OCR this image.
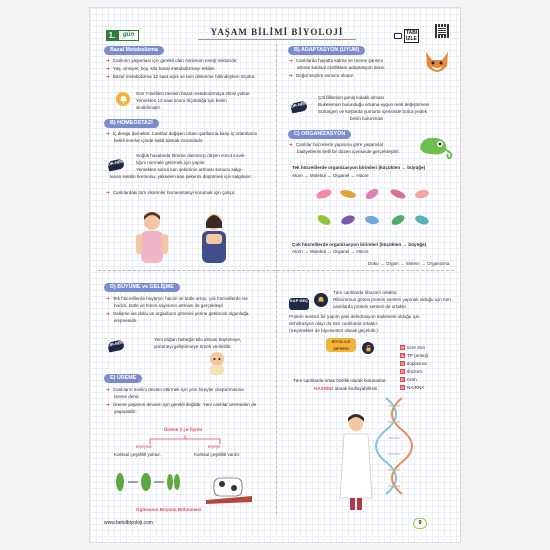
1.	gün	YAŞAM BİLİMİ BİYOLOJİ	TABİ
İZLE
Bazal Metabolizma
➜ Canlının yaşaması için gerekli olan minimum enerji miktarıdır.
➜ Yaş, cinsiyet, boy, kilo bazal metabolizmayı etkiler.
➜ Bazal metabolizma 12 saat açlık ve tam dinlenme hâlindeyken ölçülür.
Son Yıkeltilen besinin bazal metabolizmaya etkisi yoktur.
Yemekten 12 saat sonra ölçüldüğü için besin
sindirilmiştir.
B) HOMEOSTAZİ
➜ İç denge demektir. Canlılar değişen ortam şartlarına karşı iç ortamlarını
belirli sınırlar içinde sabit tutmak zorundadır.
ÖR-NEK
Soğuk havalarda titreme davranışı düşen vücut sıcak-
lığını normale getirmek için yapılır.
Yemekten sonra kan şekerinin artması sonucu salgı-
lanan insülin hormonu, yükselen kan şekerini düşürmek için salgılanır.
➜ Canlılardaki tüm sistemler homeostasiyi korumak için çalışır.
B) ADAPTASYON (UYUM)
➜ Canlılarda hayatta kalma ve üreme şansını
artıran kalıtsal özelliklere adaptasyon denir.
➜ Doğal seçilim sonucu oluşur.
ÖR-NEK
Çöl filllerinin geniş kulaklı olması
Bukelemun bulunduğu ortama uygun renk değiştirmesi
Sürüngen ve kuşlarda yumurta içerisinde bolca yedek
besin bulunması
C) ORGANİZASYON
➜ Canlılar hücrelerin yapısına göre yaşamsal
faaliyetlerini belli bir düzen içerisinde gerçekleştirir.
Tek hücrelilerde organizasyon birimleri (küçükten → büyüğe)
Atom → Molekül → Organel → Hücre
Çok hücrelilerde organizasyon birimleri (küçükten → büyüğe)
Atom → Molekül → Organel → Hücre
Doku → Organ → Sistem → Organizma
D) BÜYÜME ve GELİŞME
➜ Tek hücrelilerde büyüme; hacim ve kütle artışı, çok hücrelilerde ise
hacim, kütle ve hücre sayısının artması ile gerçekleşir.
➜ Gelişme ise doku ve organların görevini yerine getirecek olgunluğa
erişmesidir.
ÖR-NEK	Yeni doğan bebeğin kilo alması büyümeye,
yürümeyi geliştirmeye örnek verilebilir.
E) ÜREME
➜ Canlıların neslini devam ettirmek için yeni bireyler oluşturmasına
üreme denir.
➜ Üreme yaşamın devamı için gerekli değildir. Yani canlılar üremeden de
yaşayabilir.
Üreme 2 çe fiyrılır
Eşeysiz	Eşeyli
Kalıtsal çeşitlilik yoktur.	Kalıtsal çeşitlilik vardır.
Öglenanın Boyuna Bölünmesi
KAP GEÇ
Tüm canlılarda ribozom ortaktır.
Ribozomun görevi protein sentezi yapmak olduğu için tüm
canlılarda protein sentezi de ortaktır.
Protein sentezi bir yapım yani dehidrasyon tepkimesi olduğu için
dehidrasyon olayı da tüm canlılarda ortaktır.
(Seçenekler de biyosentez olarak geçebilir.)
BİYOLOJİ ŞİFRESİ	H ücre Zarı
A TP (enerji)
S itoplazma
R ibozom
E nzim
D NA/RNA
Tüm canlılarda ortak özellik olarak bulunanlar:
HASRED olarak kodlayabilirsin.
www.betulbiyoloji.com	9
